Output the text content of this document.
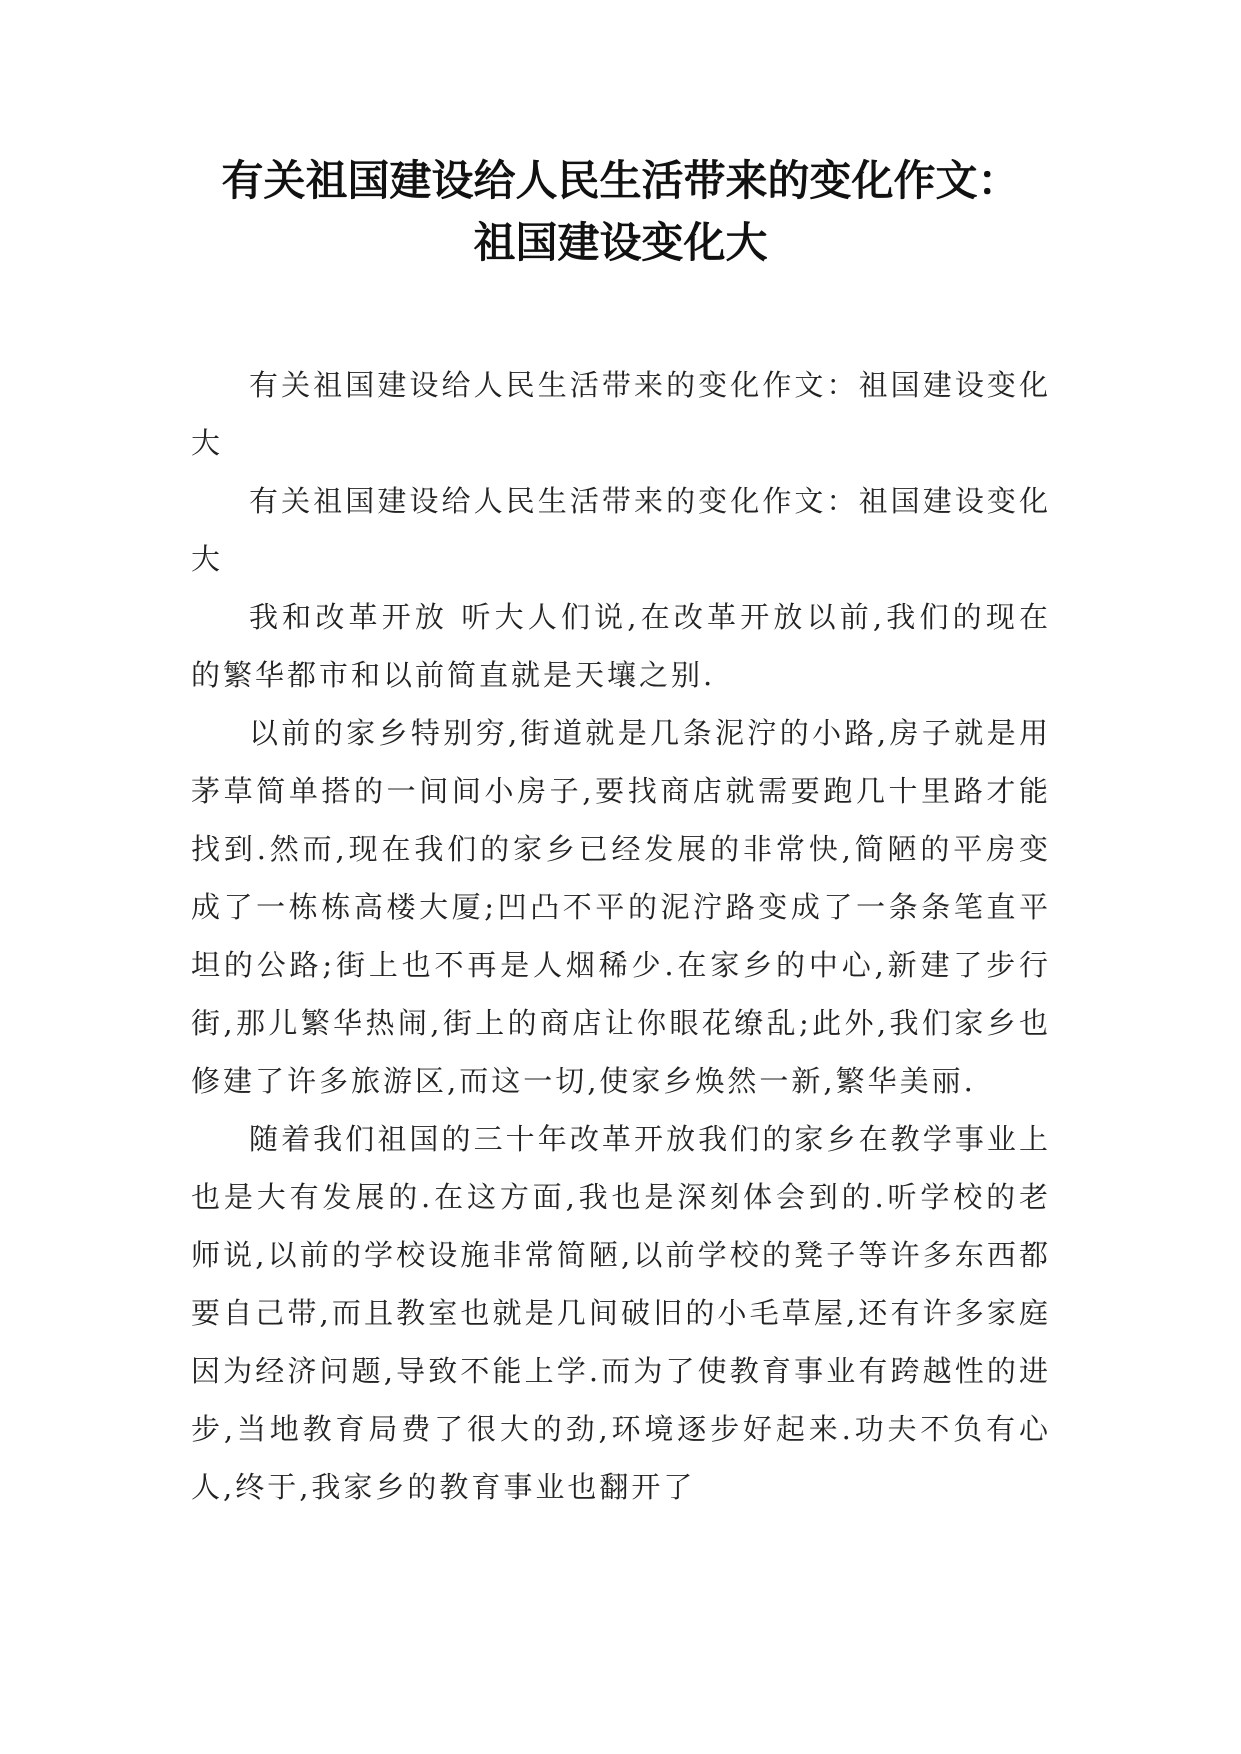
有关祖国建设给人民生活带来的变化作文：
祖国建设变化大

有关祖国建设给人民生活带来的变化作文：祖国建设变化大

有关祖国建设给人民生活带来的变化作文：祖国建设变化大

我和改革开放 听大人们说,在改革开放以前,我们的现在的繁华都市和以前简直就是天壤之别.

以前的家乡特别穷,街道就是几条泥泞的小路,房子就是用茅草简单搭的一间间小房子,要找商店就需要跑几十里路才能找到.然而,现在我们的家乡已经发展的非常快,简陋的平房变成了一栋栋高楼大厦;凹凸不平的泥泞路变成了一条条笔直平坦的公路;街上也不再是人烟稀少.在家乡的中心,新建了步行街,那儿繁华热闹,街上的商店让你眼花缭乱;此外,我们家乡也修建了许多旅游区,而这一切,使家乡焕然一新,繁华美丽.

随着我们祖国的三十年改革开放我们的家乡在教学事业上也是大有发展的.在这方面,我也是深刻体会到的.听学校的老师说,以前的学校设施非常简陋,以前学校的凳子等许多东西都要自己带,而且教室也就是几间破旧的小毛草屋,还有许多家庭因为经济问题,导致不能上学.而为了使教育事业有跨越性的进步,当地教育局费了很大的劲,环境逐步好起来.功夫不负有心人,终于,我家乡的教育事业也翻开了
